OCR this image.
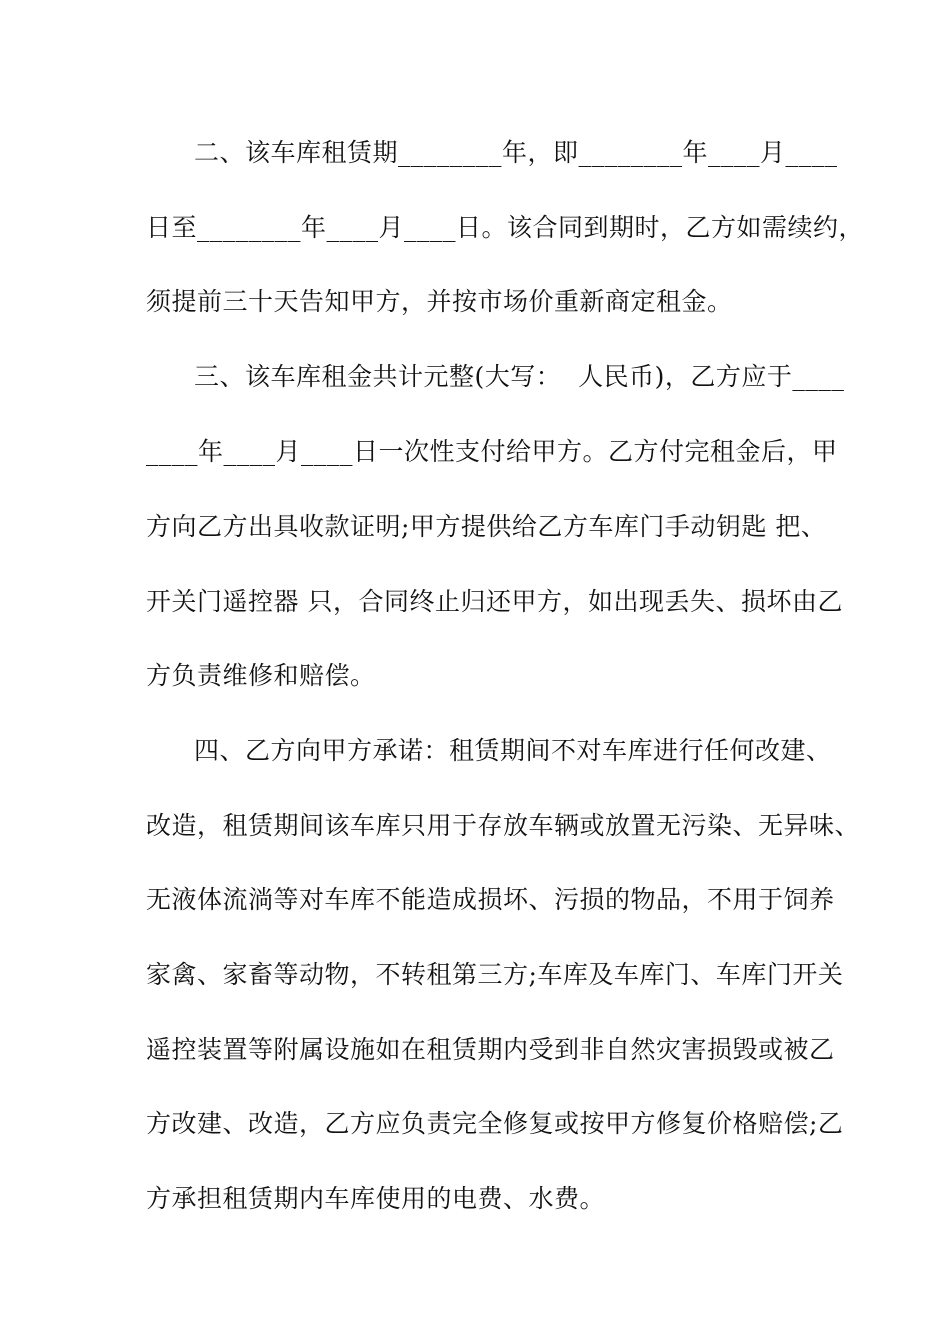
二、该车库租赁期________年，即________年____月____
日至________年____月____日。该合同到期时，乙方如需续约，
须提前三十天告知甲方，并按市场价重新商定租金。
三、该车库租金共计元整(大写：  人民币)，乙方应于____
____年____月____日一次性支付给甲方。乙方付完租金后，甲
方向乙方出具收款证明;甲方提供给乙方车库门手动钥匙 把、
开关门遥控器 只，合同终止归还甲方，如出现丢失、损坏由乙
方负责维修和赔偿。
四、乙方向甲方承诺：租赁期间不对车库进行任何改建、
改造，租赁期间该车库只用于存放车辆或放置无污染、无异味、
无液体流淌等对车库不能造成损坏、污损的物品，不用于饲养
家禽、家畜等动物，不转租第三方;车库及车库门、车库门开关
遥控装置等附属设施如在租赁期内受到非自然灾害损毁或被乙
方改建、改造，乙方应负责完全修复或按甲方修复价格赔偿;乙
方承担租赁期内车库使用的电费、水费。
